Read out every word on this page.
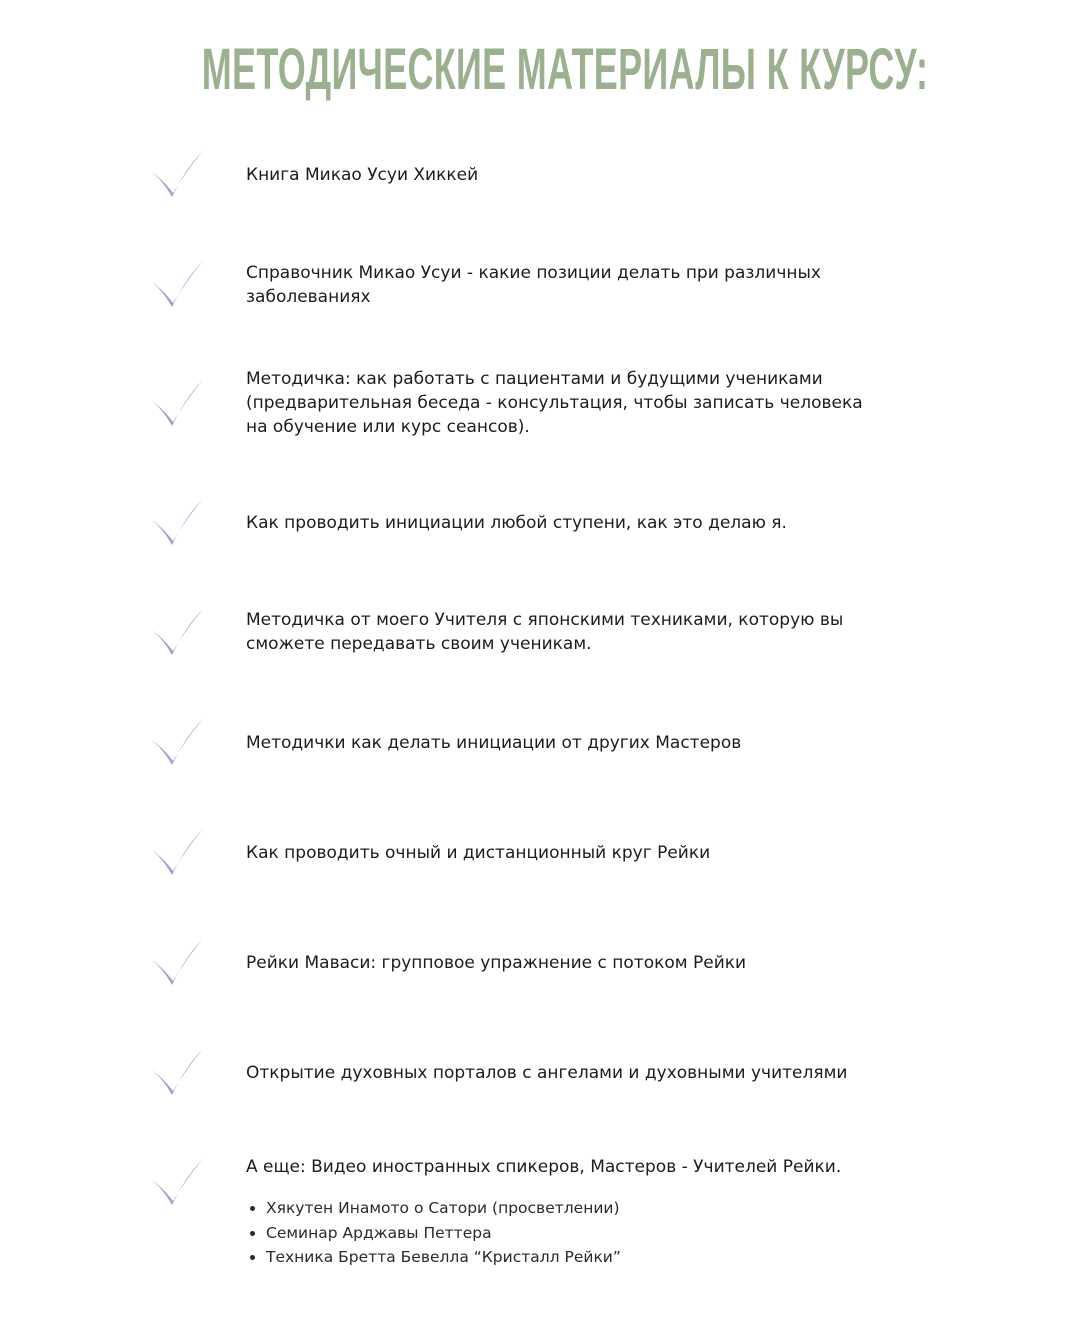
МЕТОДИЧЕСКИЕ МАТЕРИАЛЫ К КУРСУ:
Книга Микао Усуи Хиккей
Справочник Микао Усуи - какие позиции делать при различных заболеваниях
Методичка: как работать с пациентами и будущими учениками (предварительная беседа - консультация, чтобы записать человека на обучение или курс сеансов).
Как проводить инициации любой ступени, как это делаю я.
Методичка от моего Учителя с японскими техниками, которую вы сможете передавать своим ученикам.
Методички как делать инициации от других Мастеров
Как проводить очный и дистанционный круг Рейки
Рейки Маваси: групповое упражнение с потоком Рейки
Открытие духовных порталов с ангелами и духовными учителями
А еще: Видео иностранных спикеров, Мастеров - Учителей Рейки.
• Хякутен Инамото о Сатори (просветлении)
• Семинар Арджавы Петтера
• Техника Бретта Бевелла “Кристалл Рейки”
